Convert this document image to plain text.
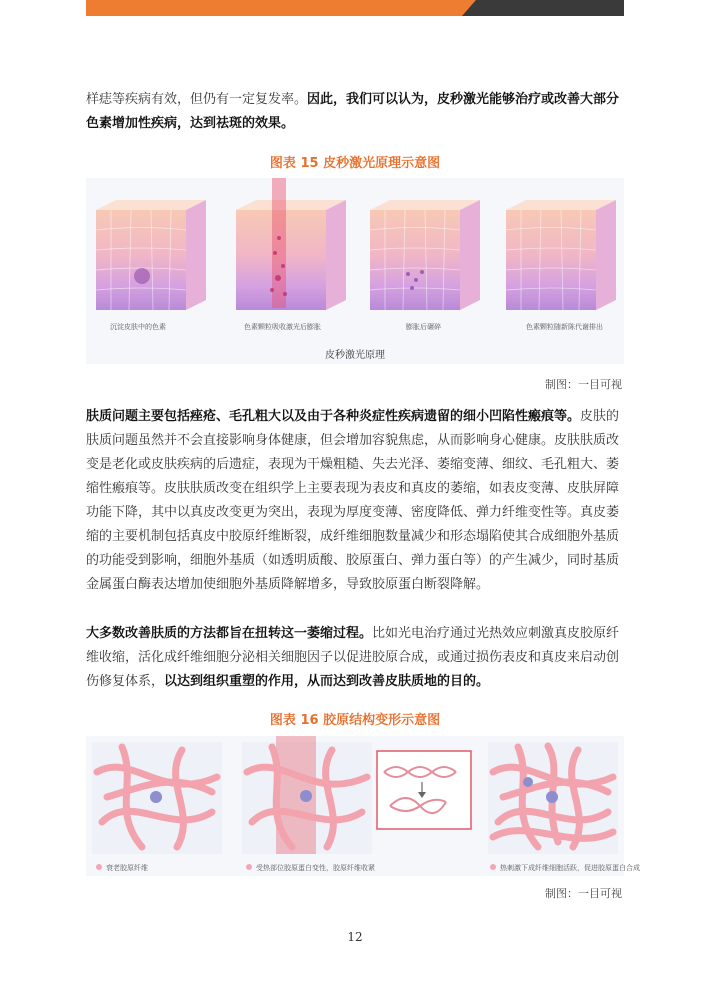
样痣等疾病有效，但仍有一定复发率。因此，我们可以认为，皮秒激光能够治疗或改善大部分色素增加性疾病，达到祛斑的效果。

图表 15 皮秒激光原理示意图
沉淀皮肤中的色素	色素颗粒吸收激光后膨胀	膨胀后碾碎	色素颗粒随新陈代谢排出
皮秒激光原理
制图：一目可视

肤质问题主要包括痤疮、毛孔粗大以及由于各种炎症性疾病遗留的细小凹陷性瘢痕等。皮肤的肤质问题虽然并不会直接影响身体健康，但会增加容貌焦虑，从而影响身心健康。皮肤肤质改变是老化或皮肤疾病的后遗症，表现为干燥粗糙、失去光泽、萎缩变薄、细纹、毛孔粗大、萎缩性瘢痕等。皮肤肤质改变在组织学上主要表现为表皮和真皮的萎缩，如表皮变薄、皮肤屏障功能下降，其中以真皮改变更为突出，表现为厚度变薄、密度降低、弹力纤维变性等。真皮萎缩的主要机制包括真皮中胶原纤维断裂，成纤维细胞数量减少和形态塌陷使其合成细胞外基质的功能受到影响，细胞外基质（如透明质酸、胶原蛋白、弹力蛋白等）的产生减少，同时基质金属蛋白酶表达增加使细胞外基质降解增多，导致胶原蛋白断裂降解。

大多数改善肤质的方法都旨在扭转这一萎缩过程。比如光电治疗通过光热效应刺激真皮胶原纤维收缩，活化成纤维细胞分泌相关细胞因子以促进胶原合成，或通过损伤表皮和真皮来启动创伤修复体系，以达到组织重塑的作用，从而达到改善皮肤质地的目的。

图表 16 胶原结构变形示意图
衰老胶原纤维	受热部位胶原蛋白变性，胶原纤维收紧	热刺激下成纤维细胞活跃，促进胶原蛋白合成
制图：一目可视
12
